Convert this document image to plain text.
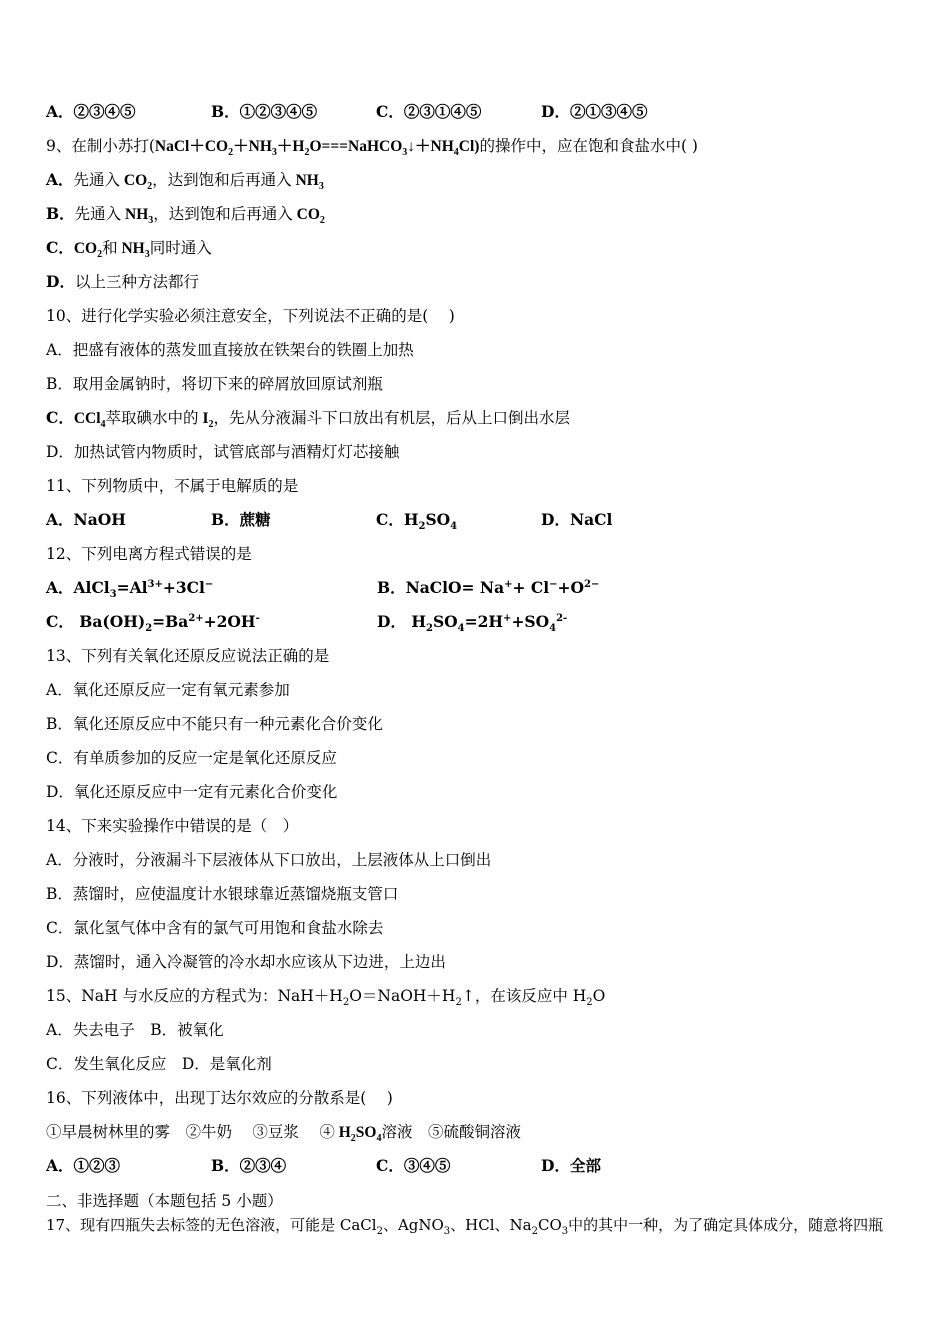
A．②③④⑤	B．①②③④⑤	C．②③①④⑤	D．②①③④⑤
9、在制小苏打$(NaCl+CO_2+NH_3+H_2O===NaHCO_3↓+NH_4Cl)$的操作中，应在饱和食盐水中( )
A．先通入 $CO_2$，达到饱和后再通入 $NH_3$
B．先通入 $NH_3$，达到饱和后再通入 $CO_2$
C．$CO_2$和 $NH_3$同时通入
D．以上三种方法都行
10、进行化学实验必须注意安全，下列说法不正确的是(　 )
A．把盛有液体的蒸发皿直接放在铁架台的铁圈上加热
B．取用金属钠时，将切下来的碎屑放回原试剂瓶
C．CCl$_4$萃取碘水中的 $I_2$，先从分液漏斗下口放出有机层，后从上口倒出水层
D．加热试管内物质时，试管底部与酒精灯灯芯接触
11、下列物质中，不属于电解质的是
A．NaOH	B．蔗糖	C．$H_2SO_4$	D．NaCl
12、下列电离方程式错误的是
A．$AlCl_3=Al^{3+}+3Cl^-$	B．NaClO= $Na^++ Cl^-+O^{2-}$
C． $Ba(OH)_2=Ba^{2+}+2OH^-$	D． $H_2SO_4=2H^++SO_4^{2-}$
13、下列有关氧化还原反应说法正确的是
A．氧化还原反应一定有氧元素参加
B．氧化还原反应中不能只有一种元素化合价变化
C．有单质参加的反应一定是氧化还原反应
D．氧化还原反应中一定有元素化合价变化
14、下来实验操作中错误的是（　）
A．分液时，分液漏斗下层液体从下口放出，上层液体从上口倒出
B．蒸馏时，应使温度计水银球靠近蒸馏烧瓶支管口
C．氯化氢气体中含有的氯气可用饱和食盐水除去
D．蒸馏时，通入冷凝管的冷水却水应该从下边进，上边出
15、NaH 与水反应的方程式为：$NaH+H_2O=NaOH+H_2↑$，在该反应中 $H_2O$
A．失去电子　B．被氧化
C．发生氧化反应　D．是氧化剂
16、下列液体中，出现丁达尔效应的分散系是(　 )
①早晨树林里的雾　②牛奶　 ③豆浆　 ④ $H_2SO_4$溶液　⑤硫酸铜溶液
A．①②③	B．②③④	C．③④⑤	D．全部
二、非选择题（本题包括 5 小题）
17、现有四瓶失去标签的无色溶液，可能是 CaCl$_2$、AgNO$_3$、HCl、$Na_2CO_3$中的其中一种，为了确定具体成分，随意将四瓶
